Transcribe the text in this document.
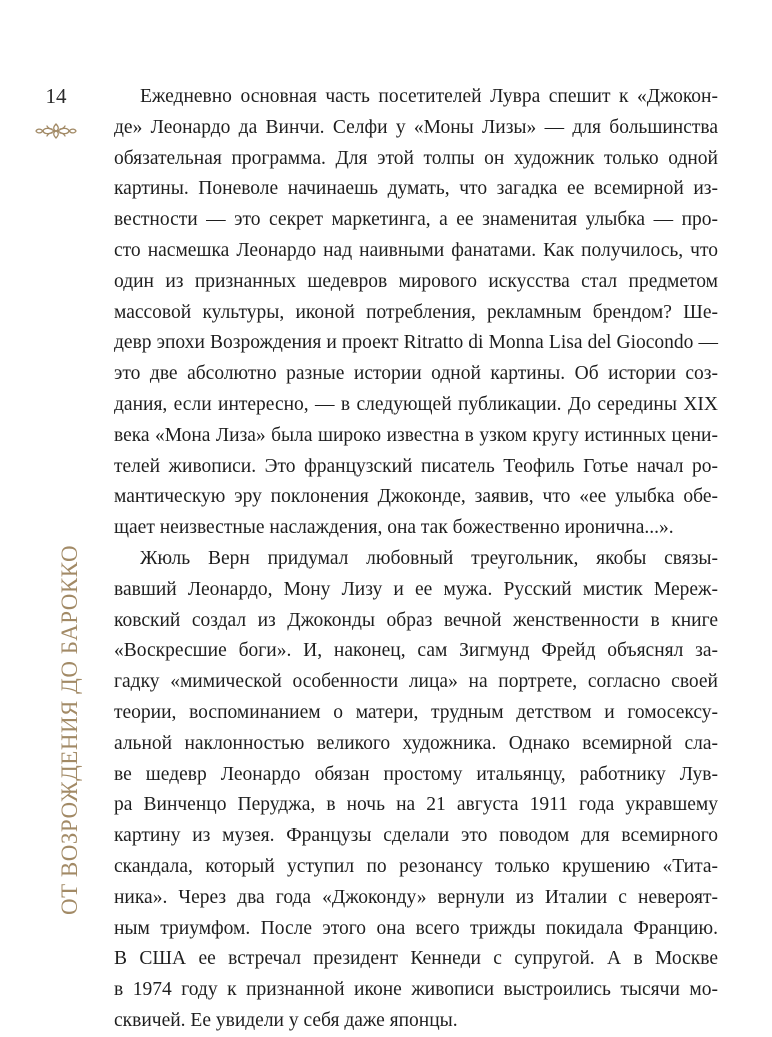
14
ОТ ВОЗРОЖДЕНИЯ ДО БАРОККО

Ежедневно основная часть посетителей Лувра спешит к «Джокон-
де» Леонардо да Винчи. Селфи у «Моны Лизы» — для большинства
обязательная программа. Для этой толпы он художник только одной
картины. Поневоле начинаешь думать, что загадка ее всемирной из-
вестности — это секрет маркетинга, а ее знаменитая улыбка — про-
сто насмешка Леонардо над наивными фанатами. Как получилось, что
один из признанных шедевров мирового искусства стал предметом
массовой культуры, иконой потребления, рекламным брендом? Ше-
девр эпохи Возрождения и проект Ritratto di Monna Lisa del Giocondo —
это две абсолютно разные истории одной картины. Об истории соз-
дания, если интересно, — в следующей публикации. До середины XIX
века «Мона Лиза» была широко известна в узком кругу истинных цени-
телей живописи. Это французский писатель Теофиль Готье начал ро-
мантическую эру поклонения Джоконде, заявив, что «ее улыбка обе-
щает неизвестные наслаждения, она так божественно иронична...».

Жюль Верн придумал любовный треугольник, якобы связы-
вавший Леонардо, Мону Лизу и ее мужа. Русский мистик Мереж-
ковский создал из Джоконды образ вечной женственности в книге
«Воскресшие боги». И, наконец, сам Зигмунд Фрейд объяснял за-
гадку «мимической особенности лица» на портрете, согласно своей
теории, воспоминанием о матери, трудным детством и гомосексу-
альной наклонностью великого художника. Однако всемирной сла-
ве шедевр Леонардо обязан простому итальянцу, работнику Лув-
ра Винченцо Перуджа, в ночь на 21 августа 1911 года укравшему
картину из музея. Французы сделали это поводом для всемирного
скандала, который уступил по резонансу только крушению «Тита-
ника». Через два года «Джоконду» вернули из Италии с невероят-
ным триумфом. После этого она всего трижды покидала Францию.
В США ее встречал президент Кеннеди с супругой. А в Москве
в 1974 году к признанной иконе живописи выстроились тысячи мо-
сквичей. Ее увидели у себя даже японцы.
